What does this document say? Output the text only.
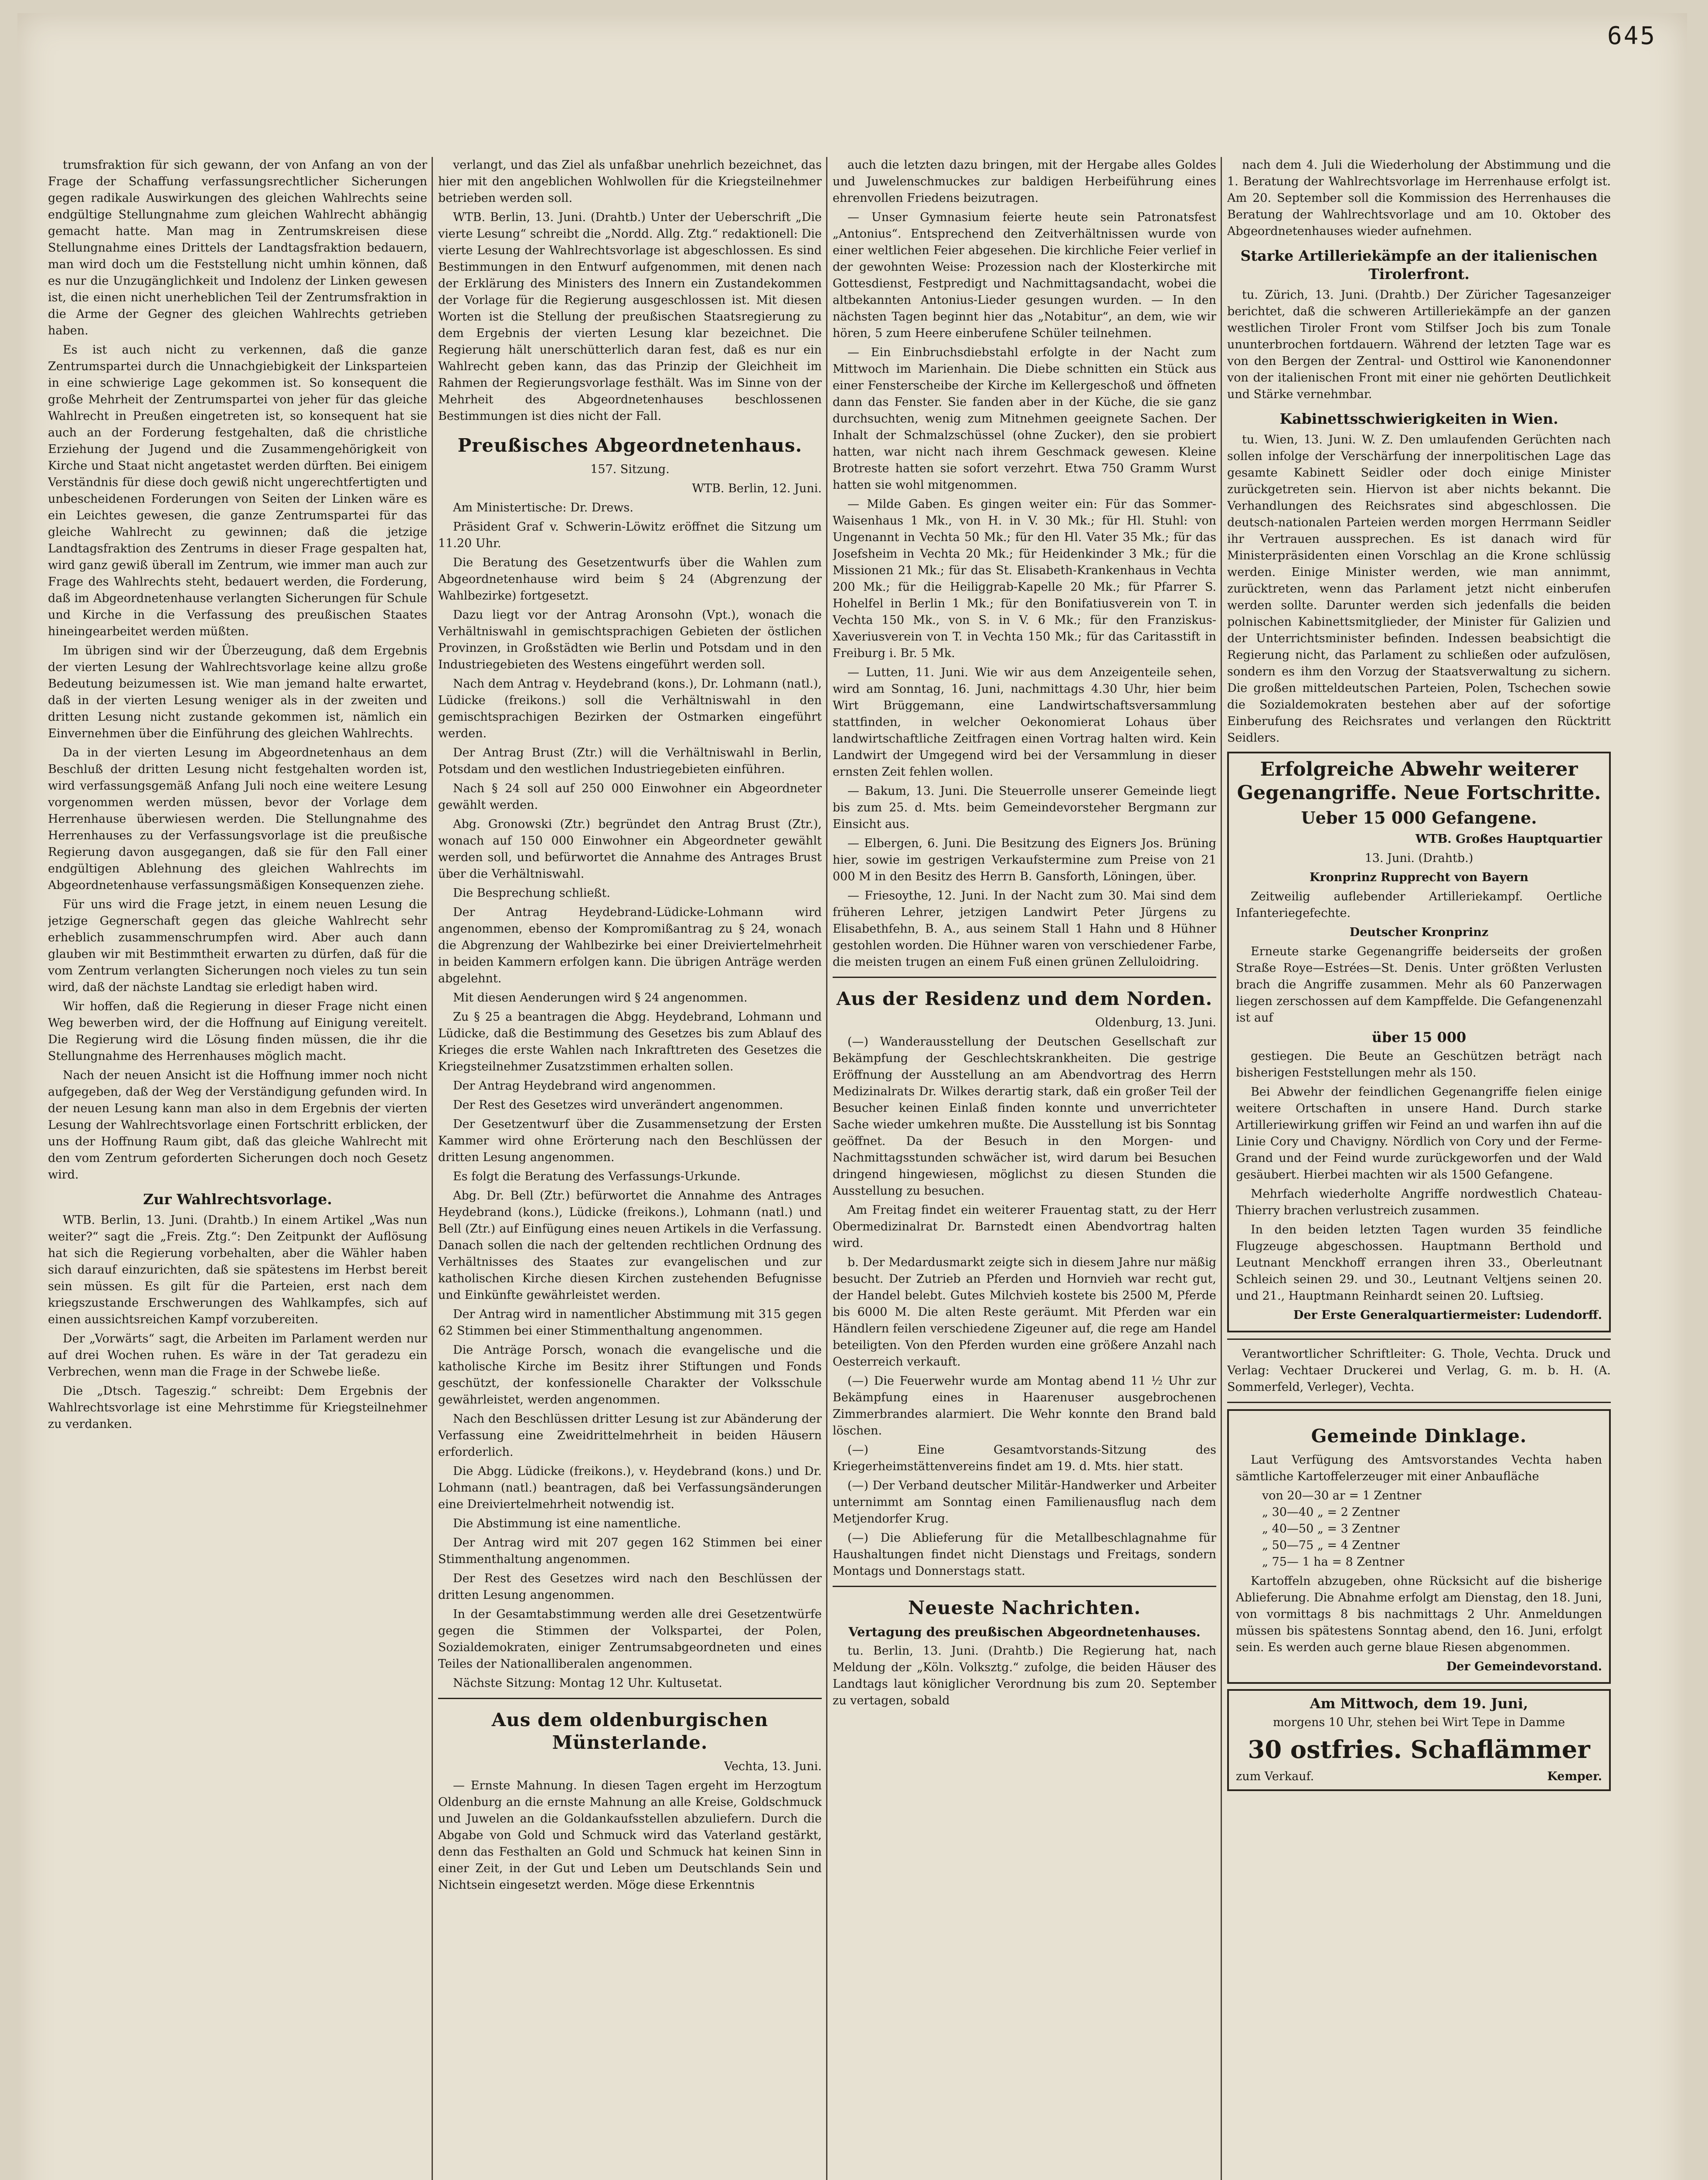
645

trumsfraktion für sich gewann, der von Anfang an von der Frage der Schaffung verfassungsrechtlicher Sicherungen gegen radikale Auswirkungen des gleichen Wahlrechts seine endgültige Stellungnahme zum gleichen Wahlrecht abhängig gemacht hatte. Man mag in Zentrumskreisen diese Stellungnahme eines Drittels der Landtagsfraktion bedauern, man wird doch um die Feststellung nicht umhin können, daß es nur die Unzugänglichkeit und Indolenz der Linken gewesen ist, die einen nicht unerheblichen Teil der Zentrumsfraktion in die Arme der Gegner des gleichen Wahlrechts getrieben haben.

Es ist auch nicht zu verkennen, daß die ganze Zentrumspartei durch die Unnachgiebigkeit der Linksparteien in eine schwierige Lage gekommen ist. So konsequent die große Mehrheit der Zentrumspartei von jeher für das gleiche Wahlrecht in Preußen eingetreten ist, so konsequent hat sie auch an der Forderung festgehalten, daß die christliche Erziehung der Jugend und die Zusammengehörigkeit von Kirche und Staat nicht angetastet werden dürften. Bei einigem Verständnis für diese doch gewiß nicht ungerechtfertigten und unbescheidenen Forderungen von Seiten der Linken wäre es ein Leichtes gewesen, die ganze Zentrumspartei für das gleiche Wahlrecht zu gewinnen; daß die jetzige Landtagsfraktion des Zentrums in dieser Frage gespalten hat, wird ganz gewiß überall im Zentrum, wie immer man auch zur Frage des Wahlrechts steht, bedauert werden, die Forderung, daß im Abgeordnetenhause verlangten Sicherungen für Schule und Kirche in die Verfassung des preußischen Staates hineingearbeitet werden müßten.

Im übrigen sind wir der Überzeugung, daß dem Ergebnis der vierten Lesung der Wahlrechtsvorlage keine allzu große Bedeutung beizumessen ist. Wie man jemand halte erwartet, daß in der vierten Lesung weniger als in der zweiten und dritten Lesung nicht zustande gekommen ist, nämlich ein Einvernehmen über die Einführung des gleichen Wahlrechts.

Da in der vierten Lesung im Abgeordnetenhaus an dem Beschluß der dritten Lesung nicht festgehalten worden ist, wird verfassungsgemäß Anfang Juli noch eine weitere Lesung vorgenommen werden müssen, bevor der Vorlage dem Herrenhause überwiesen werden. Die Stellungnahme des Herrenhauses zu der Verfassungsvorlage ist die preußische Regierung davon ausgegangen, daß sie für den Fall einer endgültigen Ablehnung des gleichen Wahlrechts im Abgeordnetenhause verfassungsmäßigen Konsequenzen ziehe.

Für uns wird die Frage jetzt, in einem neuen Lesung die jetzige Gegnerschaft gegen das gleiche Wahlrecht sehr erheblich zusammenschrumpfen wird. Aber auch dann glauben wir mit Bestimmtheit erwarten zu dürfen, daß für die vom Zentrum verlangten Sicherungen noch vieles zu tun sein wird, daß der nächste Landtag sie erledigt haben wird.

Wir hoffen, daß die Regierung in dieser Frage nicht einen Weg bewerben wird, der die Hoffnung auf Einigung vereitelt. Die Regierung wird die Lösung finden müssen, die ihr die Stellungnahme des Herrenhauses möglich macht.

Nach der neuen Ansicht ist die Hoffnung immer noch nicht aufgegeben, daß der Weg der Verständigung gefunden wird. In der neuen Lesung kann man also in dem Ergebnis der vierten Lesung der Wahlrechtsvorlage einen Fortschritt erblicken, der uns der Hoffnung Raum gibt, daß das gleiche Wahlrecht mit den vom Zentrum geforderten Sicherungen doch noch Gesetz wird.

Zur Wahlrechtsvorlage.

WTB. Berlin, 13. Juni. (Drahtb.) In einem Artikel „Was nun weiter?“ sagt die „Freis. Ztg.“: Den Zeitpunkt der Auflösung hat sich die Regierung vorbehalten, aber die Wähler haben sich darauf einzurichten, daß sie spätestens im Herbst bereit sein müssen. Es gilt für die Parteien, erst nach dem kriegszustande Erschwerungen des Wahlkampfes, sich auf einen aussichtsreichen Kampf vorzubereiten.

Der „Vorwärts“ sagt, die Arbeiten im Parlament werden nur auf drei Wochen ruhen. Es wäre in der Tat geradezu ein Verbrechen, wenn man die Frage in der Schwebe ließe.

Die „Dtsch. Tageszig.“ schreibt: Dem Ergebnis der Wahlrechtsvorlage ist eine Mehrstimme für Kriegsteilnehmer zu verdanken.

verlangt, und das Ziel als unfaßbar unehrlich bezeichnet, das hier mit den angeblichen Wohlwollen für die Kriegsteilnehmer betrieben werden soll.

WTB. Berlin, 13. Juni. (Drahtb.) Unter der Ueberschrift „Die vierte Lesung“ schreibt die „Nordd. Allg. Ztg.“ redaktionell: Die vierte Lesung der Wahlrechtsvorlage ist abgeschlossen. Es sind Bestimmungen in den Entwurf aufgenommen, mit denen nach der Erklärung des Ministers des Innern ein Zustandekommen der Vorlage für die Regierung ausgeschlossen ist. Mit diesen Worten ist die Stellung der preußischen Staatsregierung zu dem Ergebnis der vierten Lesung klar bezeichnet. Die Regierung hält unerschütterlich daran fest, daß es nur ein Wahlrecht geben kann, das das Prinzip der Gleichheit im Rahmen der Regierungsvorlage festhält. Was im Sinne von der Mehrheit des Abgeordnetenhauses beschlossenen Bestimmungen ist dies nicht der Fall.

Preußisches Abgeordnetenhaus.

157. Sitzung.

WTB. Berlin, 12. Juni.

Am Ministertische: Dr. Drews.

Präsident Graf v. Schwerin-Löwitz eröffnet die Sitzung um 11.20 Uhr.

Die Beratung des Gesetzentwurfs über die Wahlen zum Abgeordnetenhause wird beim § 24 (Abgrenzung der Wahlbezirke) fortgesetzt.

Dazu liegt vor der Antrag Aronsohn (Vpt.), wonach die Verhältniswahl in gemischtsprachigen Gebieten der östlichen Provinzen, in Großstädten wie Berlin und Potsdam und in den Industriegebieten des Westens eingeführt werden soll.

Nach dem Antrag v. Heydebrand (kons.), Dr. Lohmann (natl.), Lüdicke (freikons.) soll die Verhältniswahl in den gemischtsprachigen Bezirken der Ostmarken eingeführt werden.

Der Antrag Brust (Ztr.) will die Verhältniswahl in Berlin, Potsdam und den westlichen Industriegebieten einführen.

Nach § 24 soll auf 250 000 Einwohner ein Abgeordneter gewählt werden.

Abg. Gronowski (Ztr.) begründet den Antrag Brust (Ztr.), wonach auf 150 000 Einwohner ein Abgeordneter gewählt werden soll, und befürwortet die Annahme des Antrages Brust über die Verhältniswahl.

Die Besprechung schließt.

Der Antrag Heydebrand-Lüdicke-Lohmann wird angenommen, ebenso der Kompromißantrag zu § 24, wonach die Abgrenzung der Wahlbezirke bei einer Dreiviertelmehrheit in beiden Kammern erfolgen kann. Die übrigen Anträge werden abgelehnt.

Mit diesen Aenderungen wird § 24 angenommen.

Zu § 25 a beantragen die Abgg. Heydebrand, Lohmann und Lüdicke, daß die Bestimmung des Gesetzes bis zum Ablauf des Krieges die erste Wahlen nach Inkrafttreten des Gesetzes die Kriegsteilnehmer Zusatzstimmen erhalten sollen.

Der Antrag Heydebrand wird angenommen.

Der Rest des Gesetzes wird unverändert angenommen.

Der Gesetzentwurf über die Zusammensetzung der Ersten Kammer wird ohne Erörterung nach den Beschlüssen der dritten Lesung angenommen.

Es folgt die Beratung des Verfassungs-Urkunde.

Abg. Dr. Bell (Ztr.) befürwortet die Annahme des Antrages Heydebrand (kons.), Lüdicke (freikons.), Lohmann (natl.) und Bell (Ztr.) auf Einfügung eines neuen Artikels in die Verfassung. Danach sollen die nach der geltenden rechtlichen Ordnung des Verhältnisses des Staates zur evangelischen und zur katholischen Kirche diesen Kirchen zustehenden Befugnisse und Einkünfte gewährleistet werden.

Der Antrag wird in namentlicher Abstimmung mit 315 gegen 62 Stimmen bei einer Stimmenthaltung angenommen.

Die Anträge Porsch, wonach die evangelische und die katholische Kirche im Besitz ihrer Stiftungen und Fonds geschützt, der konfessionelle Charakter der Volksschule gewährleistet, werden angenommen.

Nach den Beschlüssen dritter Lesung ist zur Abänderung der Verfassung eine Zweidrittelmehrheit in beiden Häusern erforderlich.

Die Abgg. Lüdicke (freikons.), v. Heydebrand (kons.) und Dr. Lohmann (natl.) beantragen, daß bei Verfassungsänderungen eine Dreiviertelmehrheit notwendig ist.

Die Abstimmung ist eine namentliche.

Der Antrag wird mit 207 gegen 162 Stimmen bei einer Stimmenthaltung angenommen.

Der Rest des Gesetzes wird nach den Beschlüssen der dritten Lesung angenommen.

In der Gesamtabstimmung werden alle drei Gesetzentwürfe gegen die Stimmen der Volkspartei, der Polen, Sozialdemokraten, einiger Zentrumsabgeordneten und eines Teiles der Nationalliberalen angenommen.

Nächste Sitzung: Montag 12 Uhr. Kultusetat.

Aus dem oldenburgischen Münsterlande.

Vechta, 13. Juni.

— Ernste Mahnung. In diesen Tagen ergeht im Herzogtum Oldenburg an die ernste Mahnung an alle Kreise, Goldschmuck und Juwelen an die Goldankaufsstellen abzuliefern. Durch die Abgabe von Gold und Schmuck wird das Vaterland gestärkt, denn das Festhalten an Gold und Schmuck hat keinen Sinn in einer Zeit, in der Gut und Leben um Deutschlands Sein und Nichtsein eingesetzt werden. Möge diese Erkenntnis

auch die letzten dazu bringen, mit der Hergabe alles Goldes und Juwelenschmuckes zur baldigen Herbeiführung eines ehrenvollen Friedens beizutragen.

— Unser Gymnasium feierte heute sein Patronatsfest „Antonius“. Entsprechend den Zeitverhältnissen wurde von einer weltlichen Feier abgesehen. Die kirchliche Feier verlief in der gewohnten Weise: Prozession nach der Klosterkirche mit Gottesdienst, Festpredigt und Nachmittagsandacht, wobei die altbekannten Antonius-Lieder gesungen wurden. — In den nächsten Tagen beginnt hier das „Notabitur“, an dem, wie wir hören, 5 zum Heere einberufene Schüler teilnehmen.

— Ein Einbruchsdiebstahl erfolgte in der Nacht zum Mittwoch im Marienhain. Die Diebe schnitten ein Stück aus einer Fensterscheibe der Kirche im Kellergeschoß und öffneten dann das Fenster. Sie fanden aber in der Küche, die sie ganz durchsuchten, wenig zum Mitnehmen geeignete Sachen. Der Inhalt der Schmalzschüssel (ohne Zucker), den sie probiert hatten, war nicht nach ihrem Geschmack gewesen. Kleine Brotreste hatten sie sofort verzehrt. Etwa 750 Gramm Wurst hatten sie wohl mitgenommen.

— Milde Gaben. Es gingen weiter ein: Für das Sommer-Waisenhaus 1 Mk., von H. in V. 30 Mk.; für Hl. Stuhl: von Ungenannt in Vechta 50 Mk.; für den Hl. Vater 35 Mk.; für das Josefsheim in Vechta 20 Mk.; für Heidenkinder 3 Mk.; für die Missionen 21 Mk.; für das St. Elisabeth-Krankenhaus in Vechta 200 Mk.; für die Heiliggrab-Kapelle 20 Mk.; für Pfarrer S. Hohelfel in Berlin 1 Mk.; für den Bonifatiusverein von T. in Vechta 150 Mk., von S. in V. 6 Mk.; für den Franziskus-Xaveriusverein von T. in Vechta 150 Mk.; für das Caritasstift in Freiburg i. Br. 5 Mk.

— Lutten, 11. Juni. Wie wir aus dem Anzeigenteile sehen, wird am Sonntag, 16. Juni, nachmittags 4.30 Uhr, hier beim Wirt Brüggemann, eine Landwirtschaftsversammlung stattfinden, in welcher Oekonomierat Lohaus über landwirtschaftliche Zeitfragen einen Vortrag halten wird. Kein Landwirt der Umgegend wird bei der Versammlung in dieser ernsten Zeit fehlen wollen.

— Bakum, 13. Juni. Die Steuerrolle unserer Gemeinde liegt bis zum 25. d. Mts. beim Gemeindevorsteher Bergmann zur Einsicht aus.

— Elbergen, 6. Juni. Die Besitzung des Eigners Jos. Brüning hier, sowie im gestrigen Verkaufstermine zum Preise von 21 000 M in den Besitz des Herrn B. Gansforth, Löningen, über.

— Friesoythe, 12. Juni. In der Nacht zum 30. Mai sind dem früheren Lehrer, jetzigen Landwirt Peter Jürgens zu Elisabethfehn, B. A., aus seinem Stall 1 Hahn und 8 Hühner gestohlen worden. Die Hühner waren von verschiedener Farbe, die meisten trugen an einem Fuß einen grünen Zelluloidring.

Aus der Residenz und dem Norden.

Oldenburg, 13. Juni.

(—) Wanderausstellung der Deutschen Gesellschaft zur Bekämpfung der Geschlechtskrankheiten. Die gestrige Eröffnung der Ausstellung an am Abendvortrag des Herrn Medizinalrats Dr. Wilkes derartig stark, daß ein großer Teil der Besucher keinen Einlaß finden konnte und unverrichteter Sache wieder umkehren mußte. Die Ausstellung ist bis Sonntag geöffnet. Da der Besuch in den Morgen- und Nachmittagsstunden schwächer ist, wird darum bei Besuchen dringend hingewiesen, möglichst zu diesen Stunden die Ausstellung zu besuchen.

Am Freitag findet ein weiterer Frauentag statt, zu der Herr Obermedizinalrat Dr. Barnstedt einen Abendvortrag halten wird.

b. Der Medardusmarkt zeigte sich in diesem Jahre nur mäßig besucht. Der Zutrieb an Pferden und Hornvieh war recht gut, der Handel belebt. Gutes Milchvieh kostete bis 2500 M, Pferde bis 6000 M. Die alten Reste geräumt. Mit Pferden war ein Händlern feilen verschiedene Zigeuner auf, die rege am Handel beteiligten. Von den Pferden wurden eine größere Anzahl nach Oesterreich verkauft.

(—) Die Feuerwehr wurde am Montag abend 11 ½ Uhr zur Bekämpfung eines in Haarenuser ausgebrochenen Zimmerbrandes alarmiert. Die Wehr konnte den Brand bald löschen.

(—) Eine Gesamtvorstands-Sitzung des Kriegerheimstättenvereins findet am 19. d. Mts. hier statt.

(—) Der Verband deutscher Militär-Handwerker und Arbeiter unternimmt am Sonntag einen Familienausflug nach dem Metjendorfer Krug.

(—) Die Ablieferung für die Metallbeschlagnahme für Haushaltungen findet nicht Dienstags und Freitags, sondern Montags und Donnerstags statt.

Neueste Nachrichten.
Vertagung des preußischen Abgeordnetenhauses.

tu. Berlin, 13. Juni. (Drahtb.) Die Regierung hat, nach Meldung der „Köln. Volksztg.“ zufolge, die beiden Häuser des Landtags laut königlicher Verordnung bis zum 20. September zu vertagen, sobald

nach dem 4. Juli die Wiederholung der Abstimmung und die 1. Beratung der Wahlrechtsvorlage im Herrenhause erfolgt ist. Am 20. September soll die Kommission des Herrenhauses die Beratung der Wahlrechtsvorlage und am 10. Oktober des Abgeordnetenhauses wieder aufnehmen.

Starke Artilleriekämpfe an der italienischen Tirolerfront.

tu. Zürich, 13. Juni. (Drahtb.) Der Züricher Tagesanzeiger berichtet, daß die schweren Artilleriekämpfe an der ganzen westlichen Tiroler Front vom Stilfser Joch bis zum Tonale ununterbrochen fortdauern. Während der letzten Tage war es von den Bergen der Zentral- und Osttirol wie Kanonendonner von der italienischen Front mit einer nie gehörten Deutlichkeit und Stärke vernehmbar.

Kabinettsschwierigkeiten in Wien.

tu. Wien, 13. Juni. W. Z. Den umlaufenden Gerüchten nach sollen infolge der Verschärfung der innerpolitischen Lage das gesamte Kabinett Seidler oder doch einige Minister zurückgetreten sein. Hiervon ist aber nichts bekannt. Die Verhandlungen des Reichsrates sind abgeschlossen. Die deutsch-nationalen Parteien werden morgen Herrmann Seidler ihr Vertrauen aussprechen. Es ist danach wird für Ministerpräsidenten einen Vorschlag an die Krone schlüssig werden. Einige Minister werden, wie man annimmt, zurücktreten, wenn das Parlament jetzt nicht einberufen werden sollte. Darunter werden sich jedenfalls die beiden polnischen Kabinettsmitglieder, der Minister für Galizien und der Unterrichtsminister befinden. Indessen beabsichtigt die Regierung nicht, das Parlament zu schließen oder aufzulösen, sondern es ihm den Vorzug der Staatsverwaltung zu sichern. Die großen mitteldeutschen Parteien, Polen, Tschechen sowie die Sozialdemokraten bestehen aber auf der sofortige Einberufung des Reichsrates und verlangen den Rücktritt Seidlers.

Erfolgreiche Abwehr weiterer Gegenangriffe. Neue Fortschritte.
Ueber 15 000 Gefangene.

WTB. Großes Hauptquartier

13. Juni. (Drahtb.)

Kronprinz Rupprecht von Bayern

Zeitweilig auflebender Artilleriekampf. Oertliche Infanteriegefechte.

Deutscher Kronprinz

Erneute starke Gegenangriffe beiderseits der großen Straße Roye—Estrées—St. Denis. Unter größten Verlusten brach die Angriffe zusammen. Mehr als 60 Panzerwagen liegen zerschossen auf dem Kampffelde. Die Gefangenenzahl ist auf

über 15 000

gestiegen. Die Beute an Geschützen beträgt nach bisherigen Feststellungen mehr als 150.

Bei Abwehr der feindlichen Gegenangriffe fielen einige weitere Ortschaften in unsere Hand. Durch starke Artilleriewirkung griffen wir Feind an und warfen ihn auf die Linie Cory und Chavigny. Nördlich von Cory und der Ferme-Grand und der Feind wurde zurückgeworfen und der Wald gesäubert. Hierbei machten wir als 1500 Gefangene.

Mehrfach wiederholte Angriffe nordwestlich Chateau-Thierry brachen verlustreich zusammen.

In den beiden letzten Tagen wurden 35 feindliche Flugzeuge abgeschossen. Hauptmann Berthold und Leutnant Menckhoff errangen ihren 33., Oberleutnant Schleich seinen 29. und 30., Leutnant Veltjens seinen 20. und 21., Hauptmann Reinhardt seinen 20. Luftsieg.

Der Erste Generalquartiermeister: Ludendorff.

Verantwortlicher Schriftleiter: G. Thole, Vechta. Druck und Verlag: Vechtaer Druckerei und Verlag, G. m. b. H. (A. Sommerfeld, Verleger), Vechta.

Gemeinde Dinklage.

Laut Verfügung des Amtsvorstandes Vechta haben sämtliche Kartoffelerzeuger mit einer Anbaufläche

von 20—30 ar = 1 Zentner
„ 30—40 „ = 2 Zentner
„ 40—50 „ = 3 Zentner
„ 50—75 „ = 4 Zentner
„ 75— 1 ha = 8 Zentner

Kartoffeln abzugeben, ohne Rücksicht auf die bisherige Ablieferung. Die Abnahme erfolgt am Dienstag, den 18. Juni, von vormittags 8 bis nachmittags 2 Uhr. Anmeldungen müssen bis spätestens Sonntag abend, den 16. Juni, erfolgt sein. Es werden auch gerne blaue Riesen abgenommen.

Der Gemeindevorstand.

Am Mittwoch, dem 19. Juni,

morgens 10 Uhr, stehen bei Wirt Tepe in Damme

30 ostfries. Schaflämmer
zum Verkauf.	Kemper.
